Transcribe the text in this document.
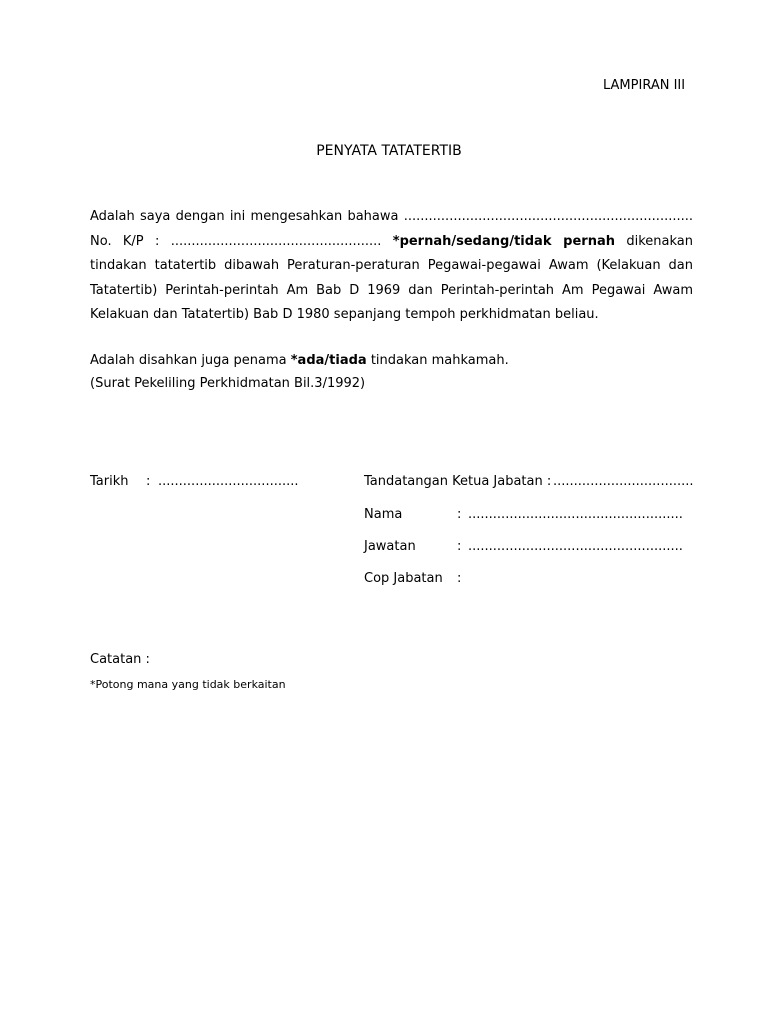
LAMPIRAN III
PENYATA TATATERTIB
Adalah saya dengan ini mengesahkan bahawa ......................................................................
No. K/P : ................................................... *pernah/sedang/tidak pernah dikenakan
tindakan tatatertib dibawah Peraturan-peraturan Pegawai-pegawai Awam (Kelakuan dan
Tatatertib) Perintah-perintah Am Bab D 1969 dan Perintah-perintah Am Pegawai Awam
Kelakuan dan Tatatertib) Bab D 1980 sepanjang tempoh perkhidmatan beliau.
Adalah disahkan juga penama *ada/tiada tindakan mahkamah.
(Surat Pekeliling Perkhidmatan Bil.3/1992)
Tarikh : ..................................	Tandatangan Ketua Jabatan : ..................................
Nama	: ....................................................
Jawatan	: ....................................................
Cop Jabatan :
Catatan :
*Potong mana yang tidak berkaitan
